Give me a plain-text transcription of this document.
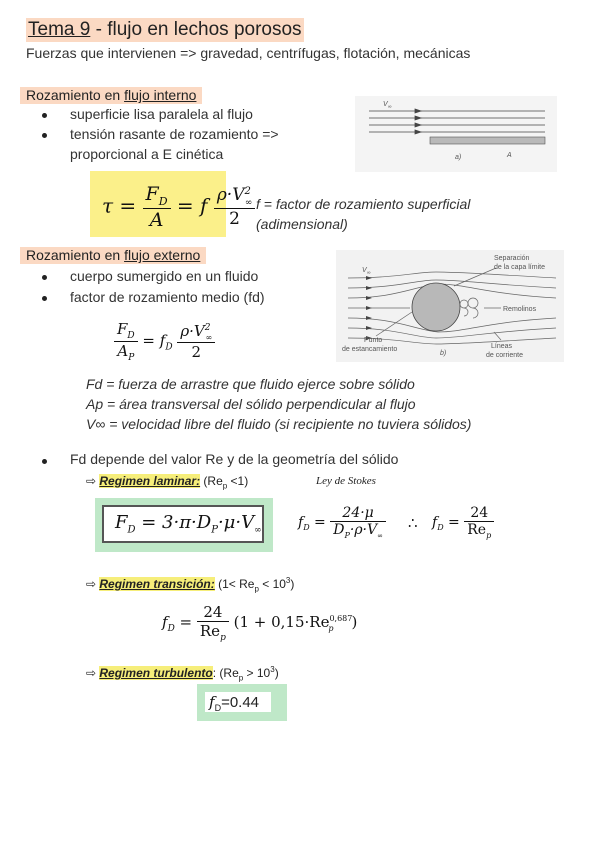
Tema 9 - flujo en lechos porosos
Fuerzas que intervienen => gravedad, centrífugas, flotación, mecánicas
Rozamiento en flujo interno
superficie lisa paralela al flujo
tensión rasante de rozamiento =>
proporcional a E cinética
V ∞
a)	A
$\tau = \frac{F_D}{A} = f \frac{\rho\cdot V^2_\infty}{2}$ f = factor de rozamiento superficial
(adimensional)
Rozamiento en flujo externo
cuerpo sumergido en un fluido
factor de rozamiento medio (fd)
V ∞
Separación
de la capa límite
Remolinos
Punto
de estancamiento
b)
Líneas
de corriente
$\frac{F_D}{A_P} = f_D \frac{\rho\cdot V^2_\infty}{2}$
Fd = fuerza de arrastre que fluido ejerce sobre sólido
Ap = área transversal del sólido perpendicular al flujo
V∞ = velocidad libre del fluido (si recipiente no tuviera sólidos)
Fd depende del valor Re y de la geometría del sólido
⇨ Regimen laminar: $(Re_p <1)$	Ley de Stokes
$F_D = 3\cdot\pi\cdot D_P\cdot\mu\cdot V_\infty$
$f_D = \frac{24\cdot\mu}{D_P\cdot\rho\cdot V_\infty}$ ∴ $f_D = \frac{24}{Re_p}$
⇨ Regimen transición: $(1< Re_p < 10^3)$
$f_D = \frac{24}{Re_p} (1 + 0,15\cdot Re^{0,687}_p$ )
⇨ Regimen turbulento: $(Re_p > 10^3)$
$f_D=0.44$
